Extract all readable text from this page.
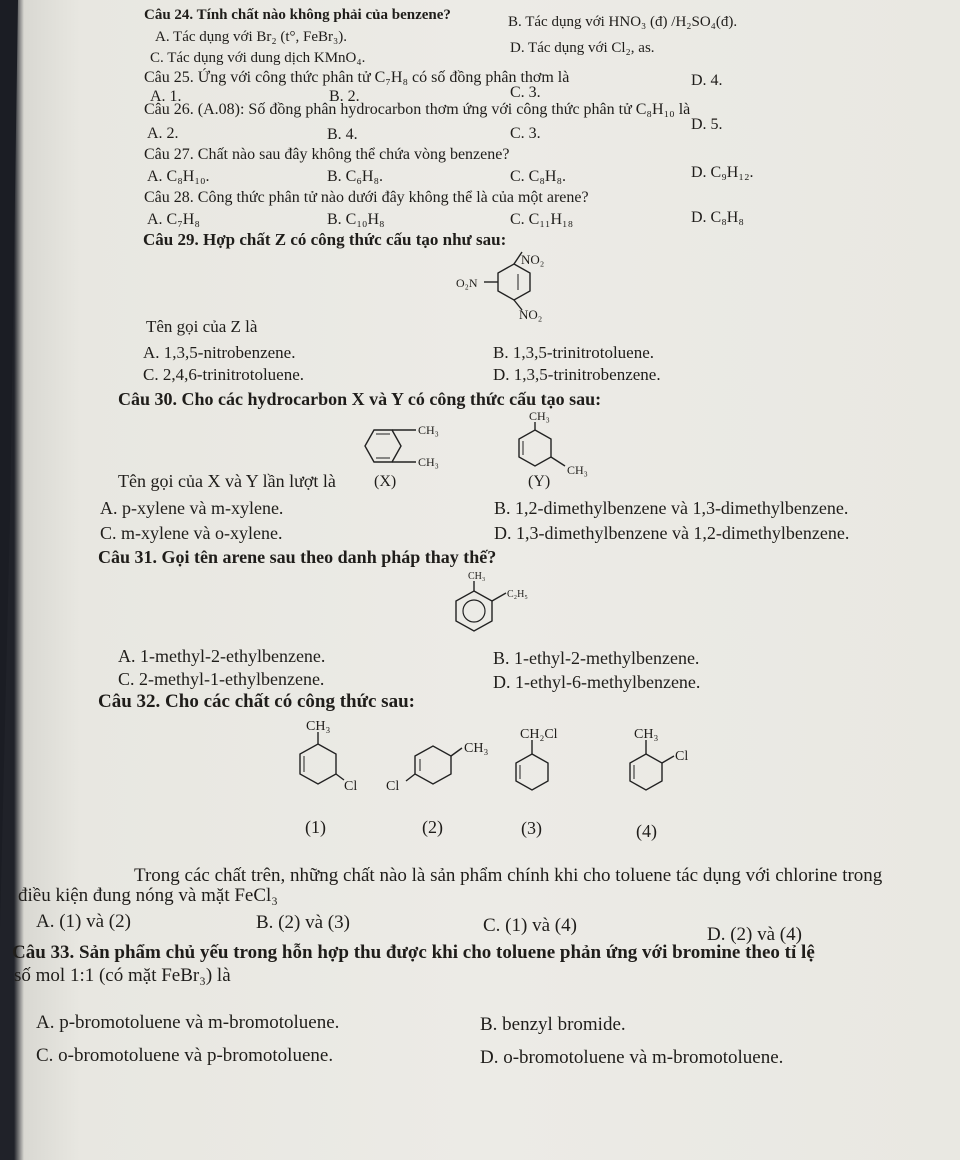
Câu 24. Tính chất nào không phải của benzene?
A. Tác dụng với Br₂ (t°, FeBr₃).
B. Tác dụng với HNO₃ (đ) /H₂SO₄(đ).
C. Tác dụng với dung dịch KMnO₄.
D. Tác dụng với Cl₂, as.
Câu 25. Ứng với công thức phân tử C₇H₈ có số đồng phân thơm là
A. 1.	B. 2.	C. 3.
D. 4.
Câu 26. (A.08): Số đồng phân hydrocarbon thơm ứng với công thức phân tử C₈H₁₀ là
A. 2.	B. 4.	C. 3.
D. 5.
Câu 27. Chất nào sau đây không thể chứa vòng benzene?
A. C₈H₁₀.	B. C₆H₈.	C. C₈H₈.	D. C₉H₁₂.
Câu 28. Công thức phân tử nào dưới đây không thể là của một arene?
A. C₇H₈	B. C₁₀H₈	C. C₁₁H₁₈	D. C₈H₈
Câu 29. Hợp chất Z có công thức cấu tạo như sau:
NO₂
O₂N
NO₂
Tên gọi của Z là
A. 1,3,5-nitrobenzene.	B. 1,3,5-trinitrotoluene.
C. 2,4,6-trinitrotoluene.	D. 1,3,5-trinitrobenzene.
Câu 30. Cho các hydrocarbon X và Y có công thức cấu tạo sau:
CH₃
CH₃
CH₃
CH₃
Tên gọi của X và Y lần lượt là (X)	(Y)
A. p-xylene và m-xylene.	B. 1,2-dimethylbenzene và 1,3-dimethylbenzene.
C. m-xylene và o-xylene.	D. 1,3-dimethylbenzene và 1,2-dimethylbenzene.
Câu 31. Gọi tên arene sau theo danh pháp thay thế?
CH₃
C₂H₅
A. 1-methyl-2-ethylbenzene.	B. 1-ethyl-2-methylbenzene.
C. 2-methyl-1-ethylbenzene.	D. 1-ethyl-6-methylbenzene.
Câu 32. Cho các chất có công thức sau:
CH₃
Cl
CH₃
Cl
CH₂Cl	CH₃
Cl
(1)	(2)	(3)	(4)
Trong các chất trên, những chất nào là sản phẩm chính khi cho toluene tác dụng với chlorine trong
điều kiện đung nóng và mặt FeCl₃
A. (1) và (2)	B. (2) và (3)	C. (1) và (4)	D. (2) và (4)
Câu 33. Sản phẩm chủ yếu trong hỗn hợp thu được khi cho toluene phản ứng với bromine theo tỉ lệ
số mol 1:1 (có mặt FeBr₃) là
A. p-bromotoluene và m-bromotoluene.	B. benzyl bromide.
C. o-bromotoluene và p-bromotoluene.	D. o-bromotoluene và m-bromotoluene.
